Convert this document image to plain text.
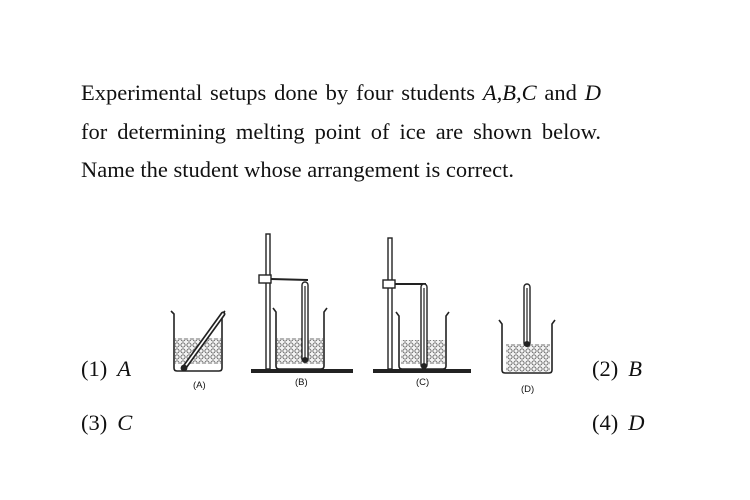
Experimental setups done by four students A,B,C and D for determining melting point of ice are shown below. Name the student whose arrangement is correct.

(A)	(B)	(C)
(D)
(1) A	(2) B
(3) C	(4) D
